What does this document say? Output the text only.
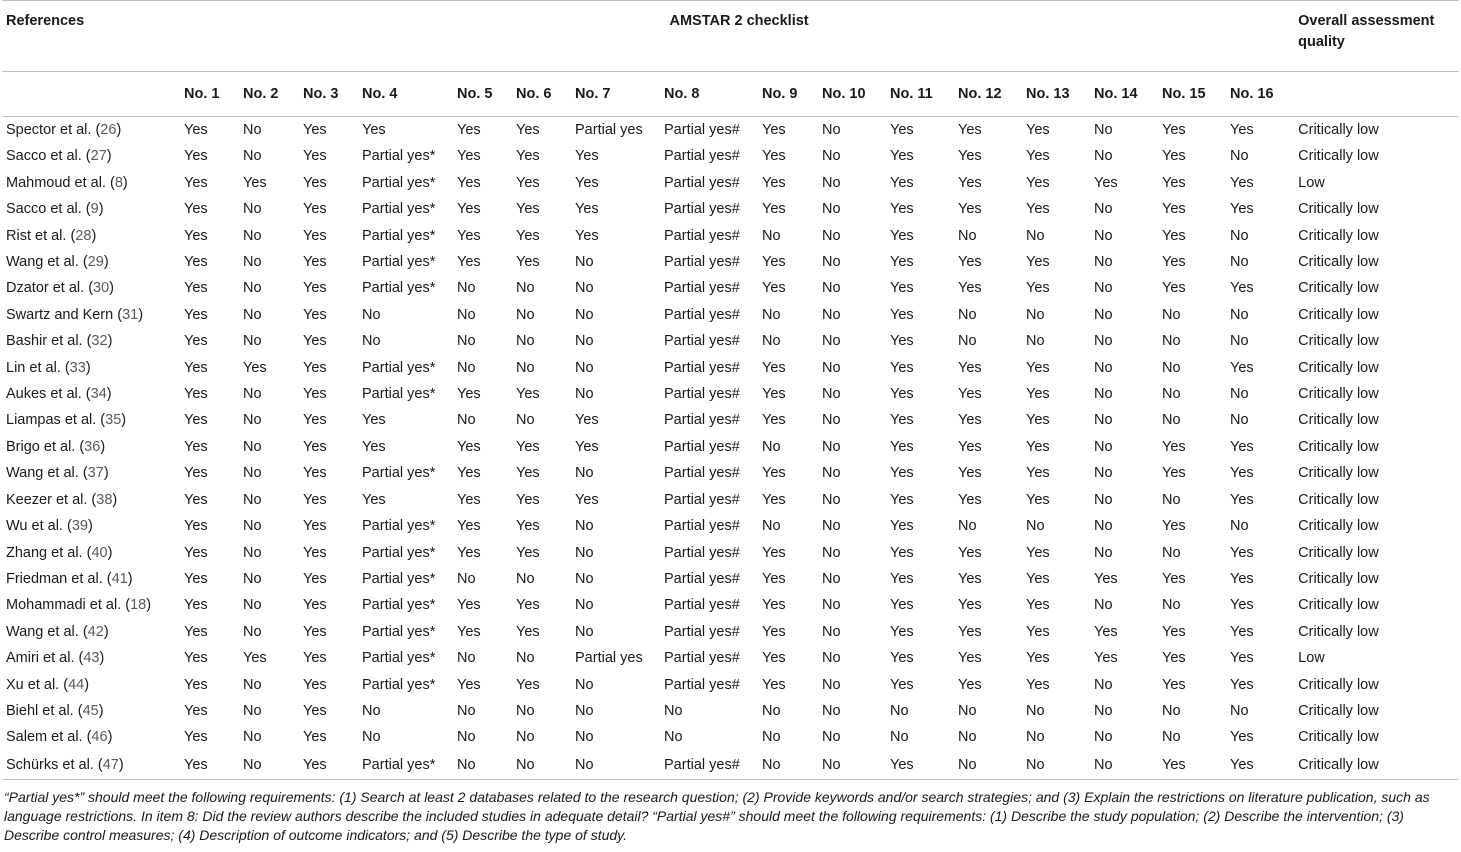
References	AMSTAR 2 checklist																Overall assessment quality
	No. 1	No. 2	No. 3	No. 4	No. 5	No. 6	No. 7	No. 8	No. 9	No. 10	No. 11	No. 12	No. 13	No. 14	No. 15	No. 16	
Spector et al. (26)	Yes	No	Yes	Yes	Yes	Yes	Partial yes	Partial yes#	Yes	No	Yes	Yes	Yes	No	Yes	Yes	Critically low
Sacco et al. (27)	Yes	No	Yes	Partial yes*	Yes	Yes	Yes	Partial yes#	Yes	No	Yes	Yes	Yes	No	Yes	No	Critically low
Mahmoud et al. (8)	Yes	Yes	Yes	Partial yes*	Yes	Yes	Yes	Partial yes#	Yes	No	Yes	Yes	Yes	Yes	Yes	Yes	Low
Sacco et al. (9)	Yes	No	Yes	Partial yes*	Yes	Yes	Yes	Partial yes#	Yes	No	Yes	Yes	Yes	No	Yes	Yes	Critically low
Rist et al. (28)	Yes	No	Yes	Partial yes*	Yes	Yes	Yes	Partial yes#	No	No	Yes	No	No	No	Yes	No	Critically low
Wang et al. (29)	Yes	No	Yes	Partial yes*	Yes	Yes	No	Partial yes#	Yes	No	Yes	Yes	Yes	No	Yes	No	Critically low
Dzator et al. (30)	Yes	No	Yes	Partial yes*	No	No	No	Partial yes#	Yes	No	Yes	Yes	Yes	No	Yes	Yes	Critically low
Swartz and Kern (31)	Yes	No	Yes	No	No	No	No	Partial yes#	No	No	Yes	No	No	No	No	No	Critically low
Bashir et al. (32)	Yes	No	Yes	No	No	No	No	Partial yes#	No	No	Yes	No	No	No	No	No	Critically low
Lin et al. (33)	Yes	Yes	Yes	Partial yes*	No	No	No	Partial yes#	Yes	No	Yes	Yes	Yes	No	No	Yes	Critically low
Aukes et al. (34)	Yes	No	Yes	Partial yes*	Yes	Yes	No	Partial yes#	Yes	No	Yes	Yes	Yes	No	No	No	Critically low
Liampas et al. (35)	Yes	No	Yes	Yes	No	No	Yes	Partial yes#	Yes	No	Yes	Yes	Yes	No	No	No	Critically low
Brigo et al. (36)	Yes	No	Yes	Yes	Yes	Yes	Yes	Partial yes#	No	No	Yes	Yes	Yes	No	Yes	Yes	Critically low
Wang et al. (37)	Yes	No	Yes	Partial yes*	Yes	Yes	No	Partial yes#	Yes	No	Yes	Yes	Yes	No	Yes	Yes	Critically low
Keezer et al. (38)	Yes	No	Yes	Yes	Yes	Yes	Yes	Partial yes#	Yes	No	Yes	Yes	Yes	No	No	Yes	Critically low
Wu et al. (39)	Yes	No	Yes	Partial yes*	Yes	Yes	No	Partial yes#	No	No	Yes	No	No	No	Yes	No	Critically low
Zhang et al. (40)	Yes	No	Yes	Partial yes*	Yes	Yes	No	Partial yes#	Yes	No	Yes	Yes	Yes	No	No	Yes	Critically low
Friedman et al. (41)	Yes	No	Yes	Partial yes*	No	No	No	Partial yes#	Yes	No	Yes	Yes	Yes	Yes	Yes	Yes	Critically low
Mohammadi et al. (18)	Yes	No	Yes	Partial yes*	Yes	Yes	No	Partial yes#	Yes	No	Yes	Yes	Yes	No	No	Yes	Critically low
Wang et al. (42)	Yes	No	Yes	Partial yes*	Yes	Yes	No	Partial yes#	Yes	No	Yes	Yes	Yes	Yes	Yes	Yes	Critically low
Amiri et al. (43)	Yes	Yes	Yes	Partial yes*	No	No	Partial yes	Partial yes#	Yes	No	Yes	Yes	Yes	Yes	Yes	Yes	Low
Xu et al. (44)	Yes	No	Yes	Partial yes*	Yes	Yes	No	Partial yes#	Yes	No	Yes	Yes	Yes	No	Yes	Yes	Critically low
Biehl et al. (45)	Yes	No	Yes	No	No	No	No	No	No	No	No	No	No	No	No	No	Critically low
Salem et al. (46)	Yes	No	Yes	No	No	No	No	No	No	No	No	No	No	No	No	Yes	Critically low
Schürks et al. (47)	Yes	No	Yes	Partial yes*	No	No	No	Partial yes#	No	No	Yes	No	No	No	Yes	Yes	Critically low

“Partial yes*” should meet the following requirements: (1) Search at least 2 databases related to the research question; (2) Provide keywords and/or search strategies; and (3) Explain the restrictions on literature publication, such as language restrictions. In item 8: Did the review authors describe the included studies in adequate detail? “Partial yes#” should meet the following requirements: (1) Describe the study population; (2) Describe the intervention; (3) Describe control measures; (4) Description of outcome indicators; and (5) Describe the type of study.
